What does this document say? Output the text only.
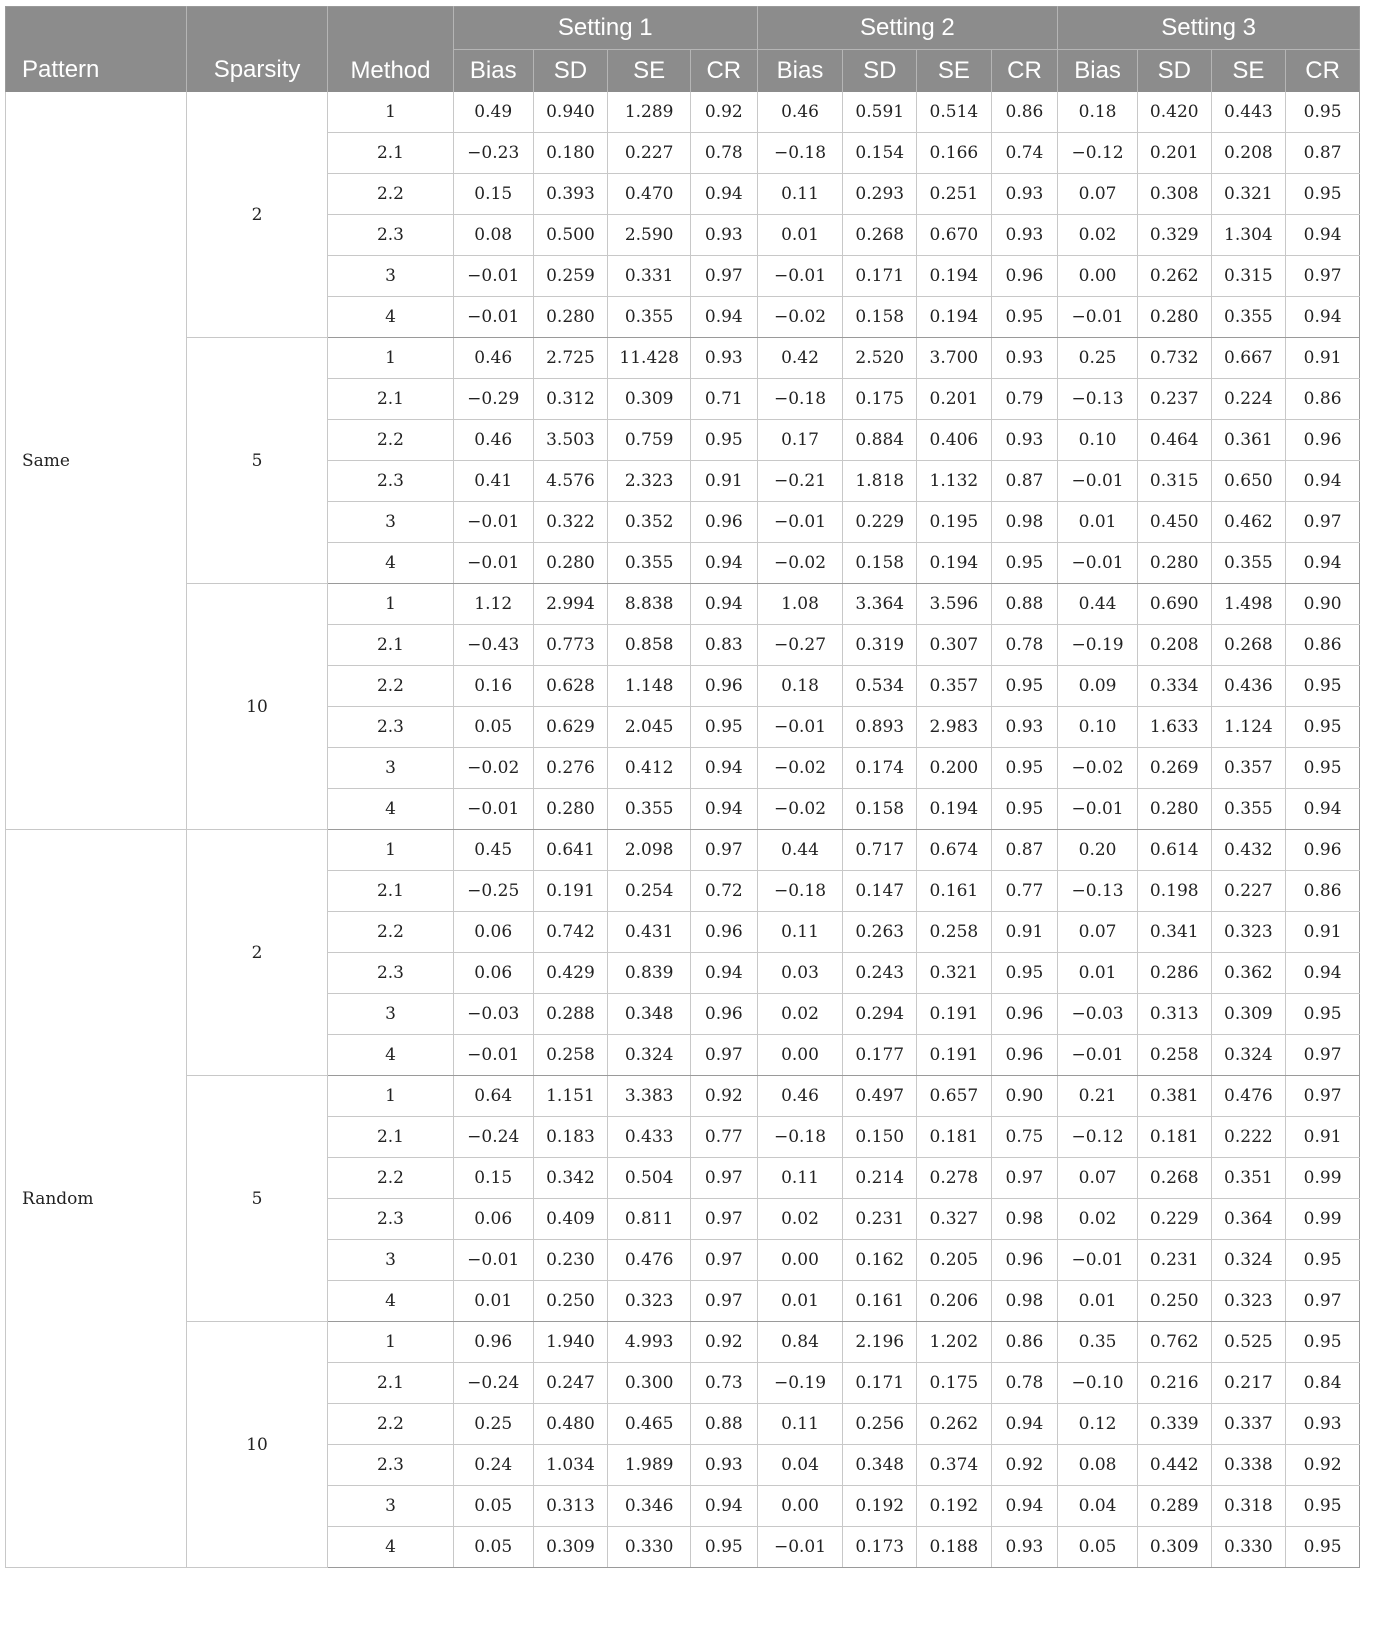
Pattern	Sparsity		Setting 1				Setting 2				Setting 3			
		Method	Bias	SD	SE	CR	Bias	SD	SE	CR	Bias	SD	SE	CR
Same	2	1	0.49	0.940	1.289	0.92	0.46	0.591	0.514	0.86	0.18	0.420	0.443	0.95
		2.1	−0.23	0.180	0.227	0.78	−0.18	0.154	0.166	0.74	−0.12	0.201	0.208	0.87
		2.2	0.15	0.393	0.470	0.94	0.11	0.293	0.251	0.93	0.07	0.308	0.321	0.95
		2.3	0.08	0.500	2.590	0.93	0.01	0.268	0.670	0.93	0.02	0.329	1.304	0.94
		3	−0.01	0.259	0.331	0.97	−0.01	0.171	0.194	0.96	0.00	0.262	0.315	0.97
		4	−0.01	0.280	0.355	0.94	−0.02	0.158	0.194	0.95	−0.01	0.280	0.355	0.94
	5	1	0.46	2.725	11.428	0.93	0.42	2.520	3.700	0.93	0.25	0.732	0.667	0.91
		2.1	−0.29	0.312	0.309	0.71	−0.18	0.175	0.201	0.79	−0.13	0.237	0.224	0.86
		2.2	0.46	3.503	0.759	0.95	0.17	0.884	0.406	0.93	0.10	0.464	0.361	0.96
		2.3	0.41	4.576	2.323	0.91	−0.21	1.818	1.132	0.87	−0.01	0.315	0.650	0.94
		3	−0.01	0.322	0.352	0.96	−0.01	0.229	0.195	0.98	0.01	0.450	0.462	0.97
		4	−0.01	0.280	0.355	0.94	−0.02	0.158	0.194	0.95	−0.01	0.280	0.355	0.94
	10	1	1.12	2.994	8.838	0.94	1.08	3.364	3.596	0.88	0.44	0.690	1.498	0.90
		2.1	−0.43	0.773	0.858	0.83	−0.27	0.319	0.307	0.78	−0.19	0.208	0.268	0.86
		2.2	0.16	0.628	1.148	0.96	0.18	0.534	0.357	0.95	0.09	0.334	0.436	0.95
		2.3	0.05	0.629	2.045	0.95	−0.01	0.893	2.983	0.93	0.10	1.633	1.124	0.95
		3	−0.02	0.276	0.412	0.94	−0.02	0.174	0.200	0.95	−0.02	0.269	0.357	0.95
		4	−0.01	0.280	0.355	0.94	−0.02	0.158	0.194	0.95	−0.01	0.280	0.355	0.94
Random	2	1	0.45	0.641	2.098	0.97	0.44	0.717	0.674	0.87	0.20	0.614	0.432	0.96
		2.1	−0.25	0.191	0.254	0.72	−0.18	0.147	0.161	0.77	−0.13	0.198	0.227	0.86
		2.2	0.06	0.742	0.431	0.96	0.11	0.263	0.258	0.91	0.07	0.341	0.323	0.91
		2.3	0.06	0.429	0.839	0.94	0.03	0.243	0.321	0.95	0.01	0.286	0.362	0.94
		3	−0.03	0.288	0.348	0.96	0.02	0.294	0.191	0.96	−0.03	0.313	0.309	0.95
		4	−0.01	0.258	0.324	0.97	0.00	0.177	0.191	0.96	−0.01	0.258	0.324	0.97
	5	1	0.64	1.151	3.383	0.92	0.46	0.497	0.657	0.90	0.21	0.381	0.476	0.97
		2.1	−0.24	0.183	0.433	0.77	−0.18	0.150	0.181	0.75	−0.12	0.181	0.222	0.91
		2.2	0.15	0.342	0.504	0.97	0.11	0.214	0.278	0.97	0.07	0.268	0.351	0.99
		2.3	0.06	0.409	0.811	0.97	0.02	0.231	0.327	0.98	0.02	0.229	0.364	0.99
		3	−0.01	0.230	0.476	0.97	0.00	0.162	0.205	0.96	−0.01	0.231	0.324	0.95
		4	0.01	0.250	0.323	0.97	0.01	0.161	0.206	0.98	0.01	0.250	0.323	0.97
	10	1	0.96	1.940	4.993	0.92	0.84	2.196	1.202	0.86	0.35	0.762	0.525	0.95
		2.1	−0.24	0.247	0.300	0.73	−0.19	0.171	0.175	0.78	−0.10	0.216	0.217	0.84
		2.2	0.25	0.480	0.465	0.88	0.11	0.256	0.262	0.94	0.12	0.339	0.337	0.93
		2.3	0.24	1.034	1.989	0.93	0.04	0.348	0.374	0.92	0.08	0.442	0.338	0.92
		3	0.05	0.313	0.346	0.94	0.00	0.192	0.192	0.94	0.04	0.289	0.318	0.95
		4	0.05	0.309	0.330	0.95	−0.01	0.173	0.188	0.93	0.05	0.309	0.330	0.95
